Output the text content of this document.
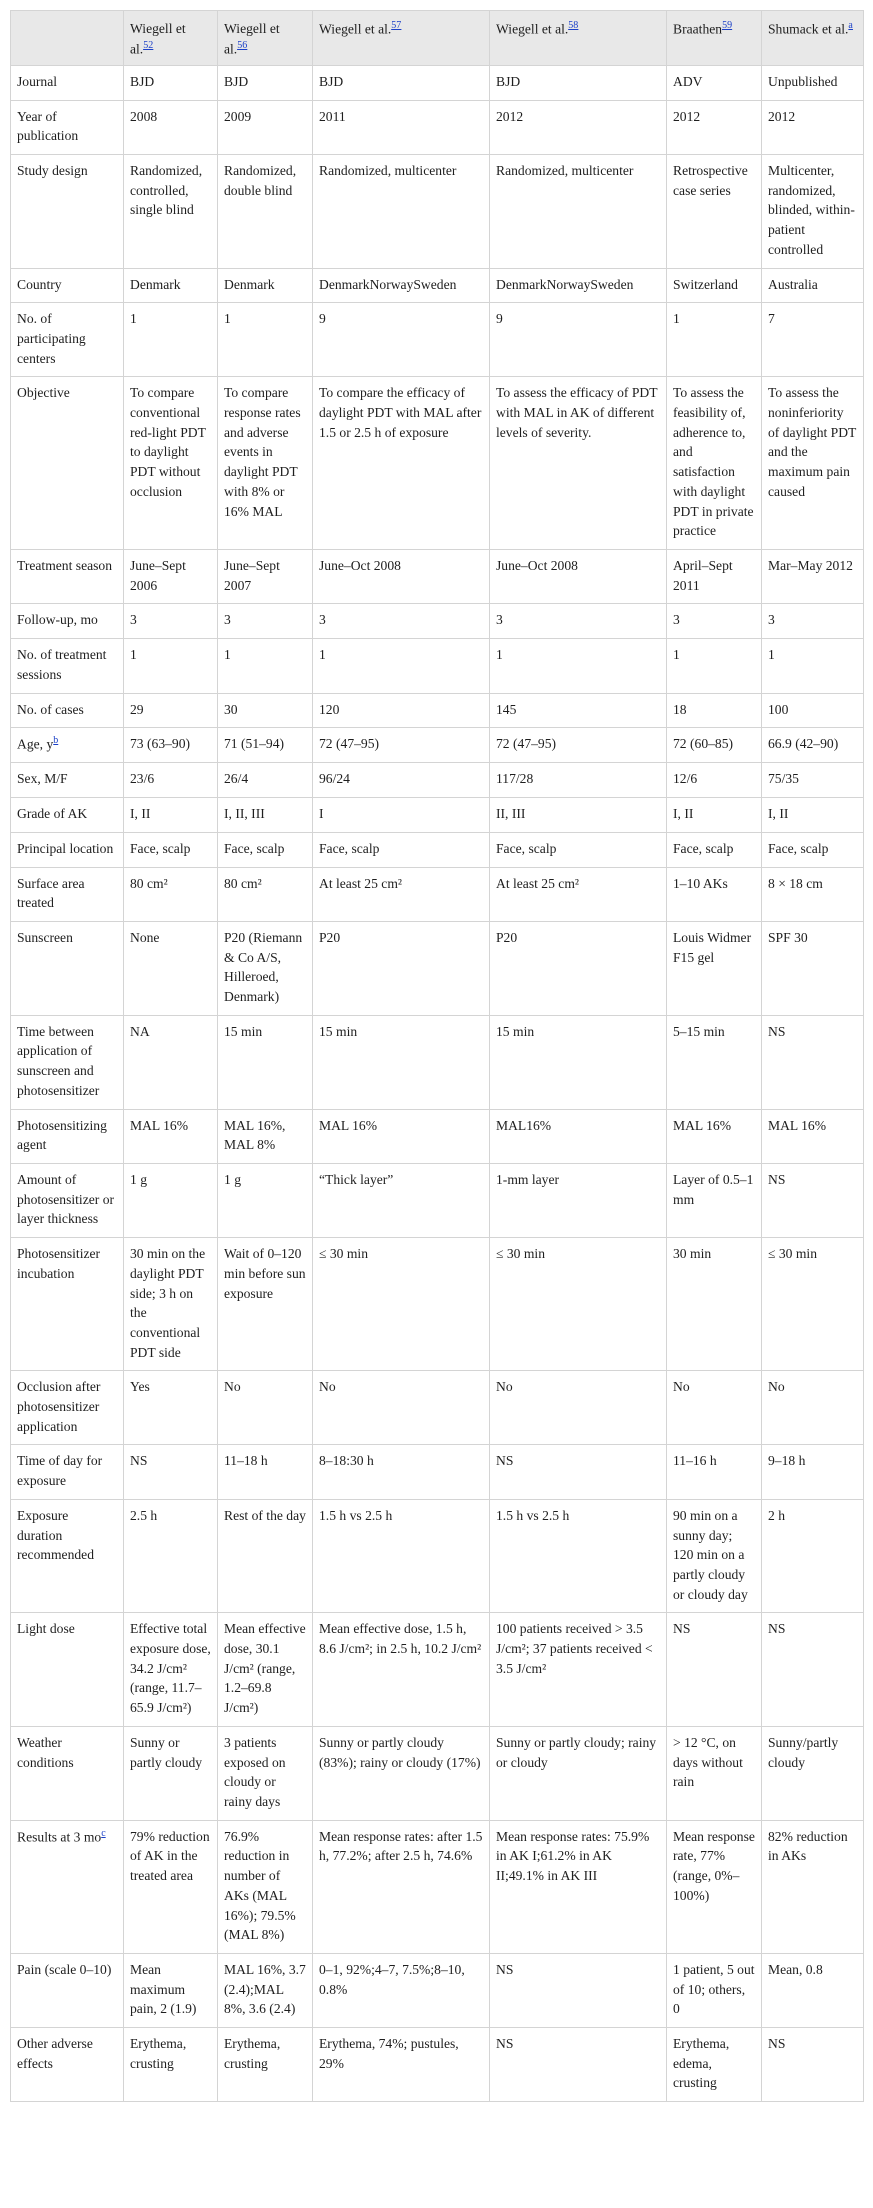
	Wiegell et al.$^{52}$	Wiegell et al.$^{56}$	Wiegell et al.$^{57}$	Wiegell et al.$^{58}$	Braathen$^{59}$	Shumack et al.$^a$
Journal	BJD	BJD	BJD	BJD	ADV	Unpublished
Year of publication	2008	2009	2011	2012	2012	2012
Study design	Randomized, controlled, single blind	Randomized, double blind	Randomized, multicenter	Randomized, multicenter	Retrospective case series	Multicenter, randomized, blinded, within-patient controlled
Country	Denmark	Denmark	DenmarkNorwaySweden	DenmarkNorwaySweden	Switzerland	Australia
No. of participating centers	1	1	9	9	1	7
Objective	To compare conventional red-light PDT to daylight PDT without occlusion	To compare response rates and adverse events in daylight PDT with 8% or 16% MAL	To compare the efficacy of daylight PDT with MAL after 1.5 or 2.5 h of exposure	To assess the efficacy of PDT with MAL in AK of different levels of severity.	To assess the feasibility of, adherence to, and satisfaction with daylight PDT in private practice	To assess the noninferiority of daylight PDT and the maximum pain caused
Treatment season	June–Sept 2006	June–Sept 2007	June–Oct 2008	June–Oct 2008	April–Sept 2011	Mar–May 2012
Follow-up, mo	3	3	3	3	3	3
No. of treatment sessions	1	1	1	1	1	1
No. of cases	29	30	120	145	18	100
Age, $y^b$	73 (63–90)	71 (51–94)	72 (47–95)	72 (47–95)	72 (60–85)	66.9 (42–90)
Sex, M/F	23/6	26/4	96/24	117/28	12/6	75/35
Grade of AK	I, II	I, II, III	I	II, III	I, II	I, II
Principal location	Face, scalp	Face, scalp	Face, scalp	Face, scalp	Face, scalp	Face, scalp
Surface area treated	80 cm²	80 cm²	At least 25 cm²	At least 25 cm²	1–10 AKs	8 × 18 cm
Sunscreen	None	P20 (Riemann & Co A/S, Hilleroed, Denmark)	P20	P20	Louis Widmer F15 gel	SPF 30
Time between application of sunscreen and photosensitizer	NA	15 min	15 min	15 min	5–15 min	NS
Photosensitizing agent	MAL 16%	MAL 16%, MAL 8%	MAL 16%	MAL16%	MAL 16%	MAL 16%
Amount of photosensitizer or layer thickness	1 g	1 g	“Thick layer”	1-mm layer	Layer of 0.5–1 mm	NS
Photosensitizer incubation	30 min on the daylight PDT side; 3 h on the conventional PDT side	Wait of 0–120 min before sun exposure	≤ 30 min	≤ 30 min	30 min	≤ 30 min
Occlusion after photosensitizer application	Yes	No	No	No	No	No
Time of day for exposure	NS	11–18 h	8–18:30 h	NS	11–16 h	9–18 h
Exposure duration recommended	2.5 h	Rest of the day	1.5 h vs 2.5 h	1.5 h vs 2.5 h	90 min on a sunny day; 120 min on a partly cloudy or cloudy day	2 h
Light dose	Effective total exposure dose, 34.2 J/cm² (range, 11.7–65.9 J/cm²)	Mean effective dose, 30.1 J/cm² (range, 1.2–69.8 J/cm²)	Mean effective dose, 1.5 h, 8.6 J/cm²; in 2.5 h, 10.2 J/cm²	100 patients received > 3.5 J/cm²; 37 patients received < 3.5 J/cm²	NS	NS
Weather conditions	Sunny or partly cloudy	3 patients exposed on cloudy or rainy days	Sunny or partly cloudy (83%); rainy or cloudy (17%)	Sunny or partly cloudy; rainy or cloudy	> 12 °C, on days without rain	Sunny/partly cloudy
Results at 3 $mo^c$	79% reduction of AK in the treated area	76.9% reduction in number of AKs (MAL 16%); 79.5% (MAL 8%)	Mean response rates: after 1.5 h, 77.2%; after 2.5 h, 74.6%	Mean response rates: 75.9% in AK I;61.2% in AK II;49.1% in AK III	Mean response rate, 77% (range, 0%–100%)	82% reduction in AKs
Pain (scale 0–10)	Mean maximum pain, 2 (1.9)	MAL 16%, 3.7 (2.4);MAL 8%, 3.6 (2.4)	0–1, 92%;4–7, 7.5%;8–10, 0.8%	NS	1 patient, 5 out of 10; others, 0	Mean, 0.8
Other adverse effects	Erythema, crusting	Erythema, crusting	Erythema, 74%; pustules, 29%	NS	Erythema, edema, crusting	NS
